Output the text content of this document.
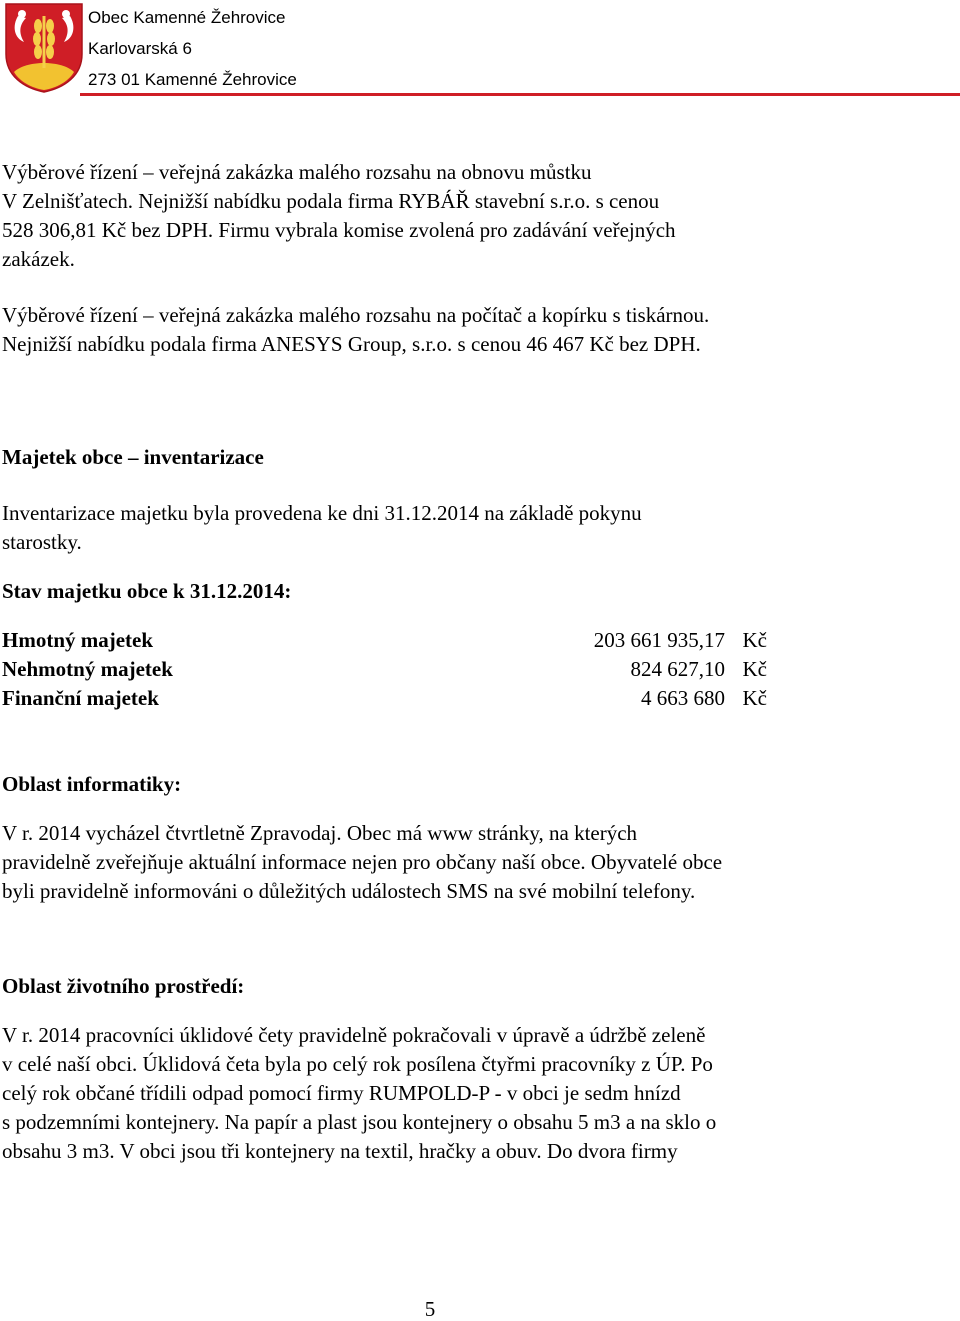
Obec Kamenné Žehrovice
Karlovarská 6
273 01 Kamenné Žehrovice

Výběrové řízení – veřejná zakázka malého rozsahu na obnovu můstku

V Zelnišťatech. Nejnižší nabídku podala firma RYBÁŘ stavební s.r.o. s cenou

528 306,81 Kč bez DPH. Firmu vybrala komise zvolená pro zadávání veřejných

zakázek.

Výběrové řízení – veřejná zakázka malého rozsahu na počítač a kopírku s tiskárnou.

Nejnižší nabídku podala firma ANESYS Group, s.r.o. s cenou 46 467 Kč bez DPH.

Majetek obce – inventarizace

Inventarizace majetku byla provedena ke dni 31.12.2014 na základě pokynu

starostky.

Stav majetku obce k 31.12.2014:

Hmotný majetek	203 661 935,17 Kč
Nehmotný majetek	824 627,10 Kč
Finanční majetek	4 663 680 Kč

Oblast informatiky:

V r. 2014 vycházel čtvrtletně Zpravodaj. Obec má www stránky, na kterých

pravidelně zveřejňuje aktuální informace nejen pro občany naší obce. Obyvatelé obce

byli pravidelně informováni o důležitých událostech SMS na své mobilní telefony.

Oblast životního prostředí:

V r. 2014 pracovníci úklidové čety pravidelně pokračovali v úpravě a údržbě zeleně

v celé naší obci. Úklidová četa byla po celý rok posílena čtyřmi pracovníky z ÚP. Po

celý rok občané třídili odpad pomocí firmy RUMPOLD-P - v obci je sedm hnízd

s podzemními kontejnery. Na papír a plast jsou kontejnery o obsahu 5 m3 a na sklo o

obsahu 3 m3. V obci jsou tři kontejnery na textil, hračky a obuv. Do dvora firmy

5
